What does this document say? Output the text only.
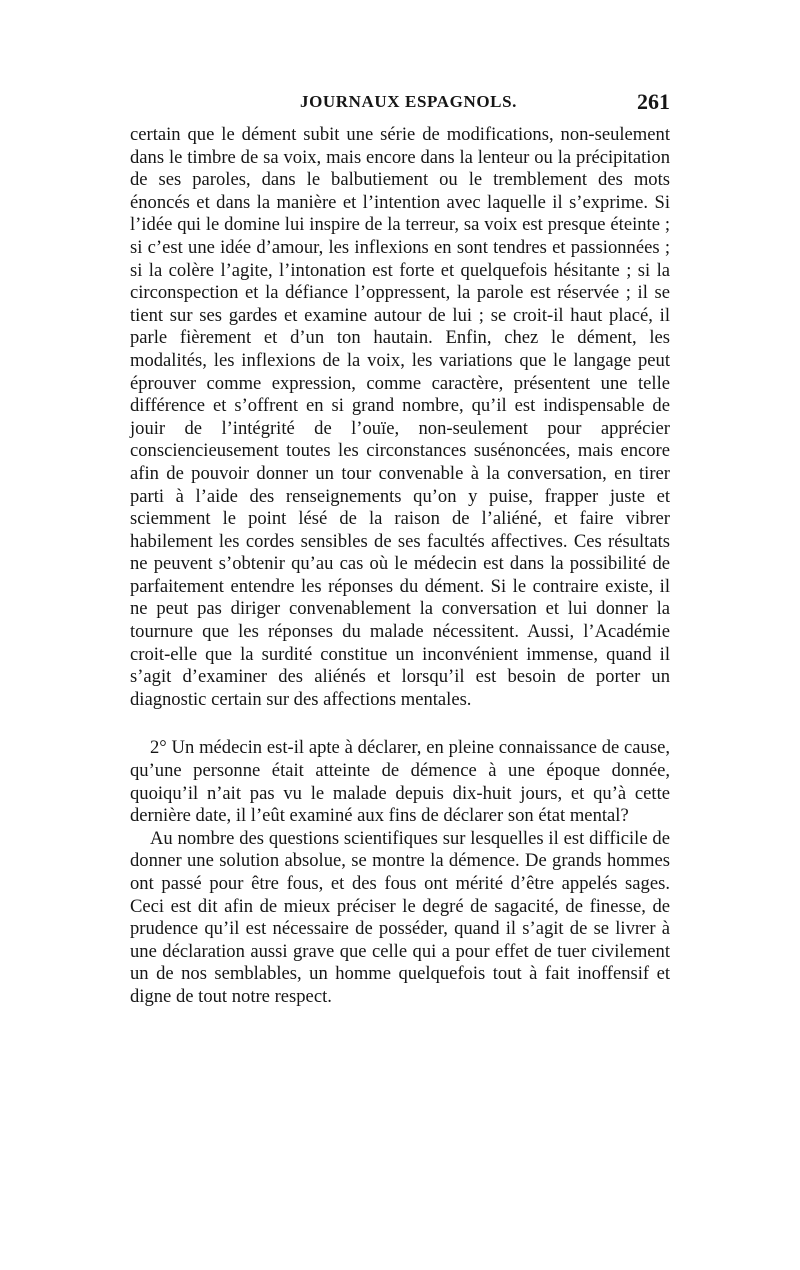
JOURNAUX ESPAGNOLS.	261

certain que le dément subit une série de modifications, non-seulement dans le timbre de sa voix, mais encore dans la lenteur ou la précipitation de ses paroles, dans le balbutiement ou le tremblement des mots énoncés et dans la manière et l’intention avec laquelle il s’exprime. Si l’idée qui le domine lui inspire de la terreur, sa voix est presque éteinte ; si c’est une idée d’amour, les inflexions en sont tendres et passionnées ; si la colère l’agite, l’intonation est forte et quelquefois hésitante ; si la circonspection et la défiance l’oppressent, la parole est réservée ; il se tient sur ses gardes et examine autour de lui ; se croit-il haut placé, il parle fièrement et d’un ton hautain. Enfin, chez le dément, les modalités, les inflexions de la voix, les variations que le langage peut éprouver comme expression, comme caractère, présentent une telle différence et s’offrent en si grand nombre, qu’il est indispensable de jouir de l’intégrité de l’ouïe, non-seulement pour apprécier consciencieusement toutes les circonstances susénoncées, mais encore afin de pouvoir donner un tour convenable à la conversation, en tirer parti à l’aide des renseignements qu’on y puise, frapper juste et sciemment le point lésé de la raison de l’aliéné, et faire vibrer habilement les cordes sensibles de ses facultés affectives. Ces résultats ne peuvent s’obtenir qu’au cas où le médecin est dans la possibilité de parfaitement entendre les réponses du dément. Si le contraire existe, il ne peut pas diriger convenablement la conversation et lui donner la tournure que les réponses du malade nécessitent. Aussi, l’Académie croit-elle que la surdité constitue un inconvénient immense, quand il s’agit d’examiner des aliénés et lorsqu’il est besoin de porter un diagnostic certain sur des affections mentales.

2° Un médecin est-il apte à déclarer, en pleine connaissance de cause, qu’une personne était atteinte de démence à une époque donnée, quoiqu’il n’ait pas vu le malade depuis dix-huit jours, et qu’à cette dernière date, il l’eût examiné aux fins de déclarer son état mental?

Au nombre des questions scientifiques sur lesquelles il est difficile de donner une solution absolue, se montre la démence. De grands hommes ont passé pour être fous, et des fous ont mérité d’être appelés sages. Ceci est dit afin de mieux préciser le degré de sagacité, de finesse, de prudence qu’il est nécessaire de posséder, quand il s’agit de se livrer à une déclaration aussi grave que celle qui a pour effet de tuer civilement un de nos semblables, un homme quelquefois tout à fait inoffensif et digne de tout notre respect.
